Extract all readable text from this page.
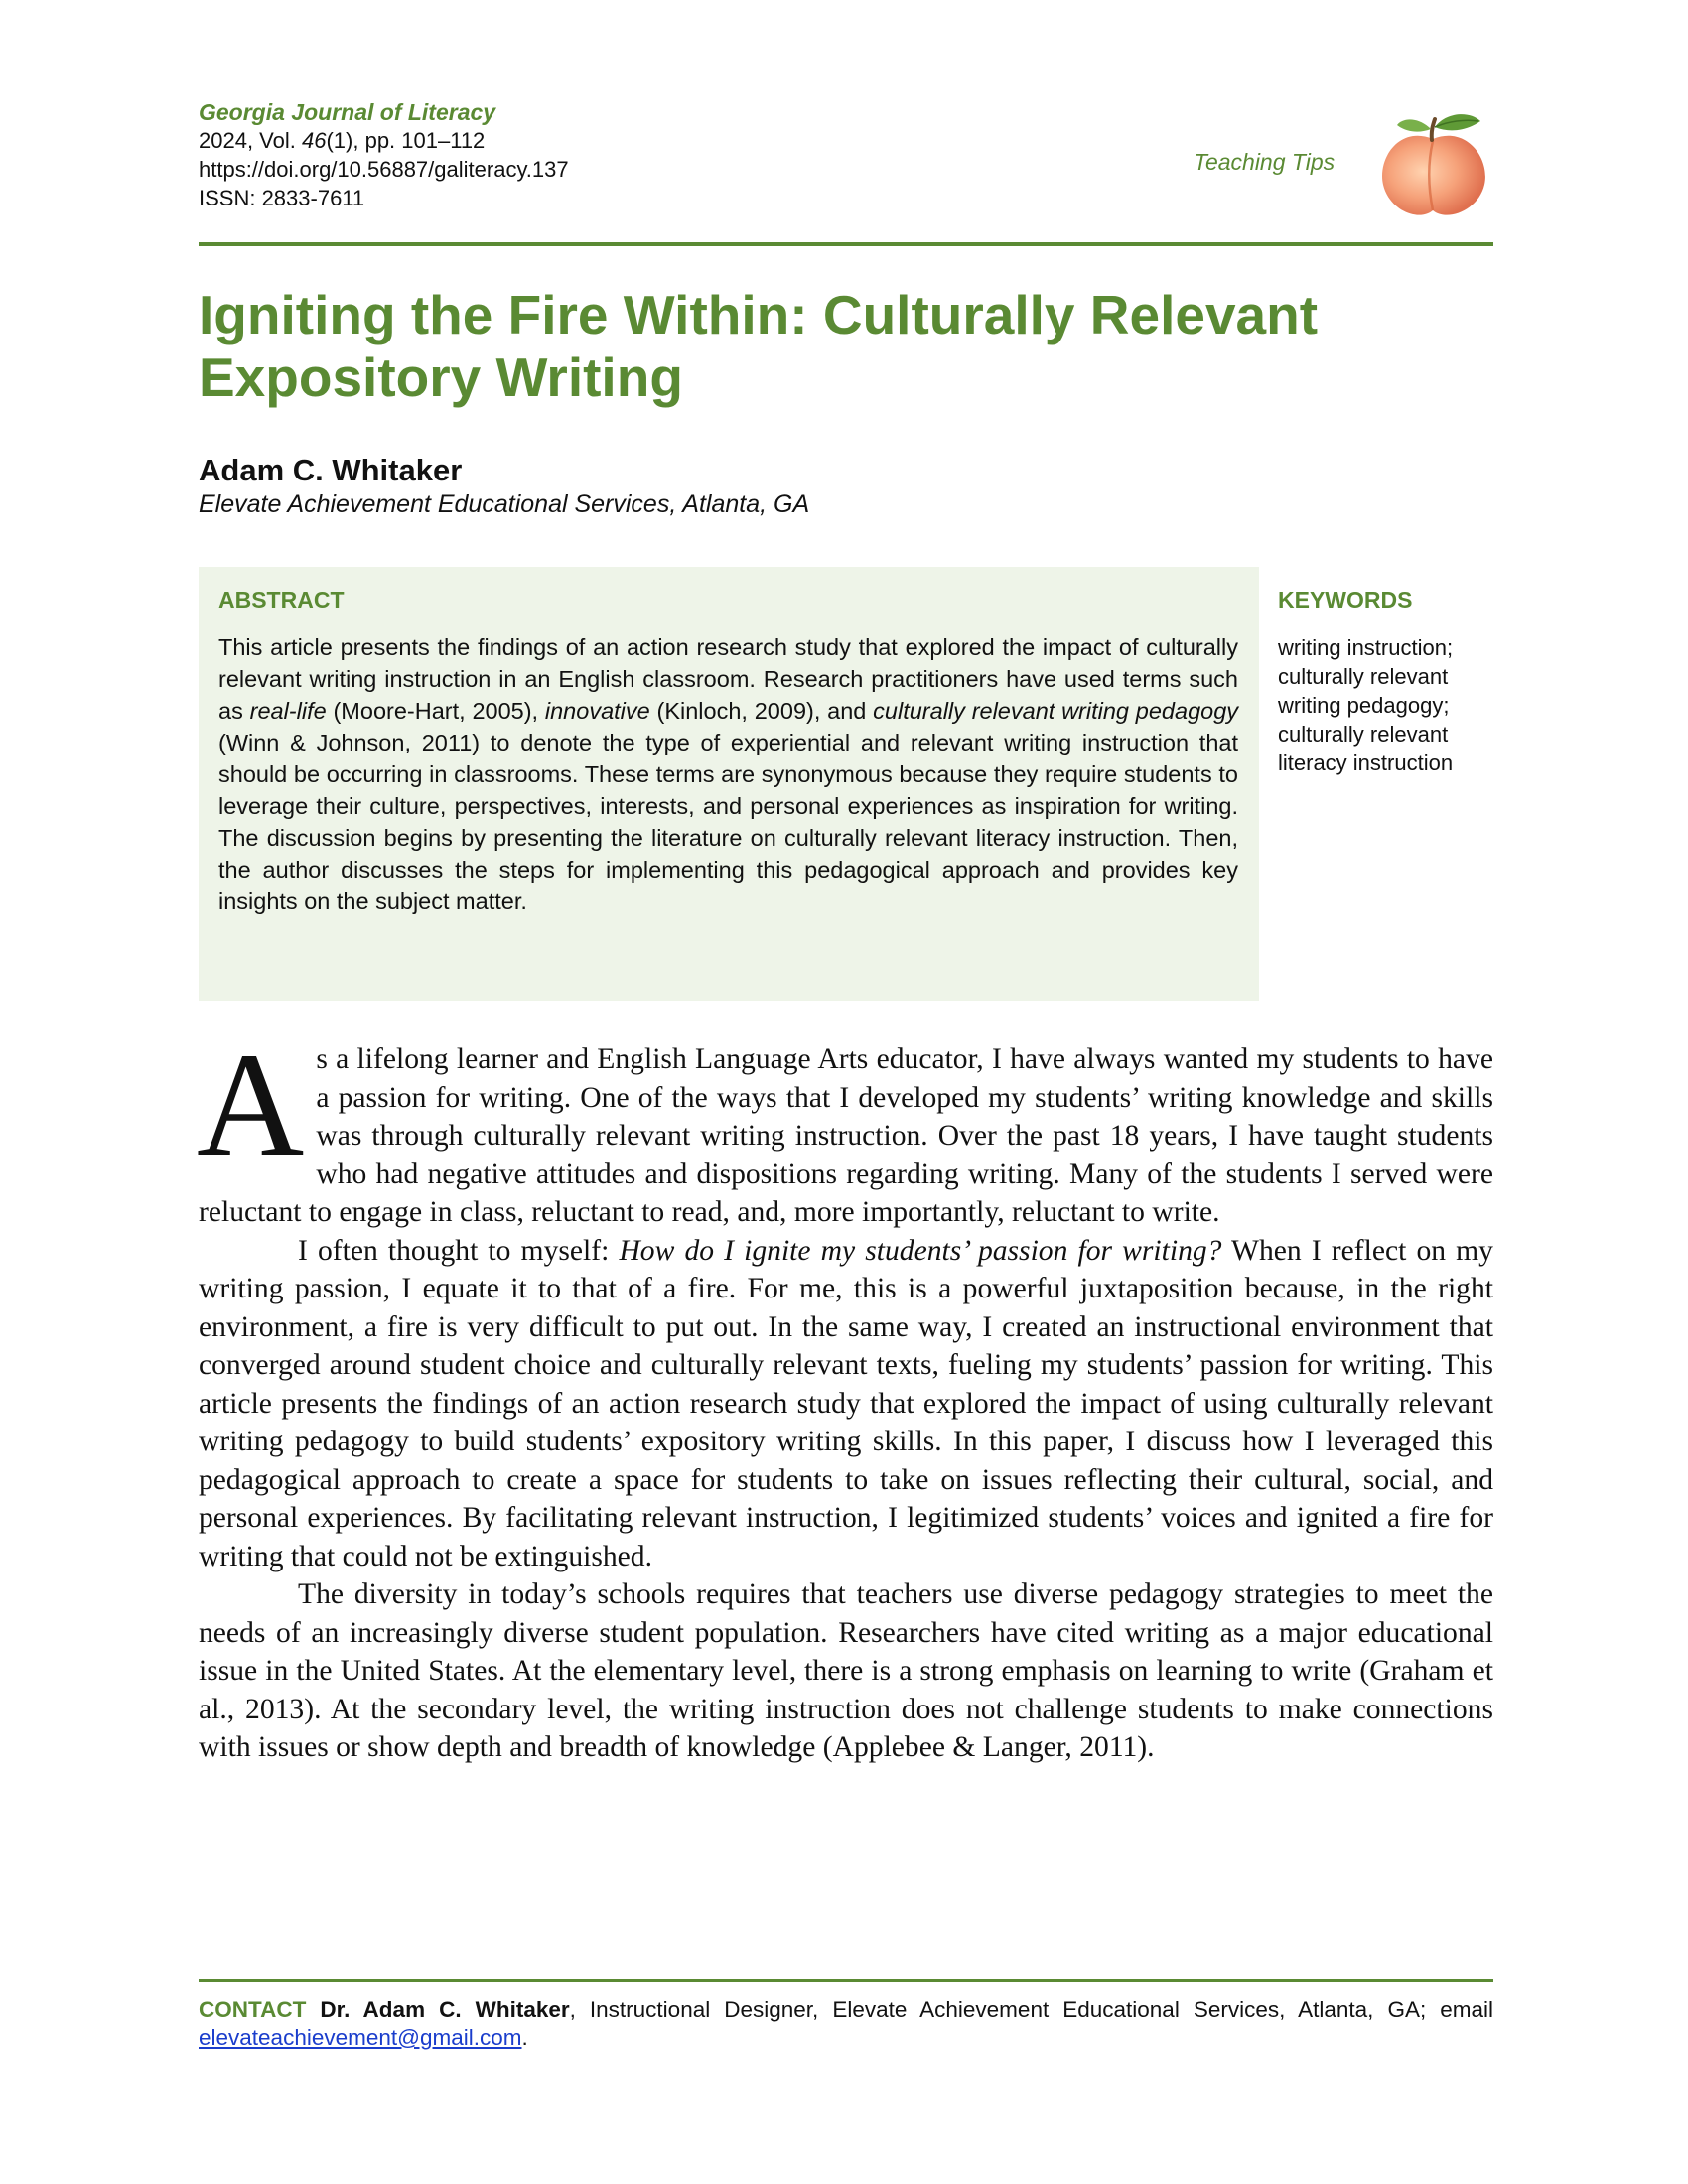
Georgia Journal of Literacy
2024, Vol. 46(1), pp. 101–112
https://doi.org/10.56887/galiteracy.137
ISSN: 2833-7611
Teaching Tips
Igniting the Fire Within: Culturally Relevant Expository Writing
Adam C. Whitaker
Elevate Achievement Educational Services, Atlanta, GA
ABSTRACT

This article presents the findings of an action research study that explored the impact of culturally relevant writing instruction in an English classroom. Research practitioners have used terms such as real-life (Moore-Hart, 2005), innovative (Kinloch, 2009), and culturally relevant writing pedagogy (Winn & Johnson, 2011) to denote the type of experiential and relevant writing instruction that should be occurring in classrooms. These terms are synonymous because they require students to leverage their culture, perspectives, interests, and personal experiences as inspiration for writing. The discussion begins by presenting the literature on culturally relevant literacy instruction. Then, the author discusses the steps for implementing this pedagogical approach and provides key insights on the subject matter.

KEYWORDS
writing instruction;
culturally relevant writing pedagogy;
culturally relevant literacy instruction

As a lifelong learner and English Language Arts educator, I have always wanted my students to have a passion for writing. One of the ways that I developed my students’ writing knowledge and skills was through culturally relevant writing instruction. Over the past 18 years, I have taught students who had negative attitudes and dispositions regarding writing. Many of the students I served were reluctant to engage in class, reluctant to read, and, more importantly, reluctant to write.

I often thought to myself: How do I ignite my students’ passion for writing? When I reflect on my writing passion, I equate it to that of a fire. For me, this is a powerful juxtaposition because, in the right environment, a fire is very difficult to put out. In the same way, I created an instructional environment that converged around student choice and culturally relevant texts, fueling my students’ passion for writing. This article presents the findings of an action research study that explored the impact of using culturally relevant writing pedagogy to build students’ expository writing skills. In this paper, I discuss how I leveraged this pedagogical approach to create a space for students to take on issues reflecting their cultural, social, and personal experiences. By facilitating relevant instruction, I legitimized students’ voices and ignited a fire for writing that could not be extinguished.

The diversity in today’s schools requires that teachers use diverse pedagogy strategies to meet the needs of an increasingly diverse student population. Researchers have cited writing as a major educational issue in the United States. At the elementary level, there is a strong emphasis on learning to write (Graham et al., 2013). At the secondary level, the writing instruction does not challenge students to make connections with issues or show depth and breadth of knowledge (Applebee & Langer, 2011).

CONTACT Dr. Adam C. Whitaker, Instructional Designer, Elevate Achievement Educational Services, Atlanta, GA; email elevateachievement@gmail.com.
